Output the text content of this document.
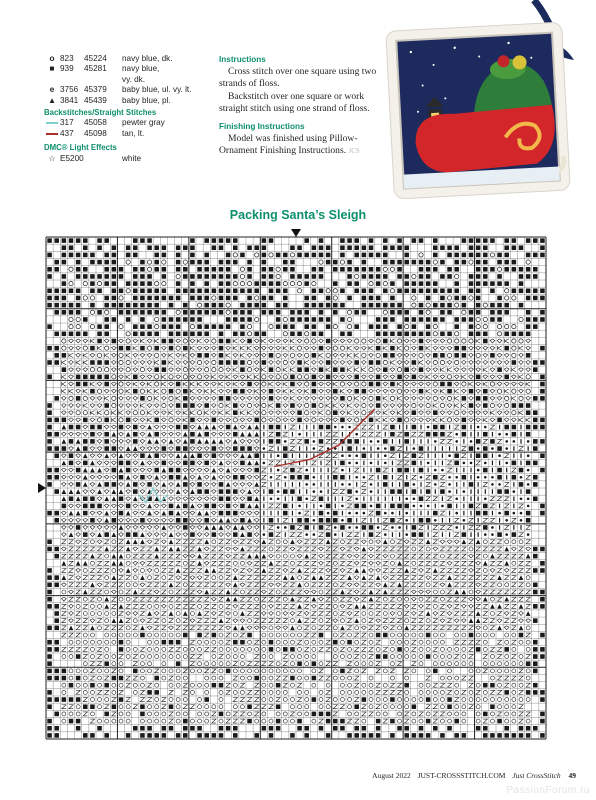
o 823	45224	navy blue, dk.
■ 939	45281	navy blue,
vy. dk.
e 3756 45379	baby blue, ul. vy. lt.
▲ 3841 45439	baby blue, pl.
Backstitches/Straight Stitches
317	45058	pewter gray
437	45098	tan, lt.
DMC® Light Effects
☆ E5200	white
Instructions
Cross stitch over one square using two strands of floss.
Backstitch over one square or work straight stitch using one strand of floss.
Finishing Instructions
Model was finished using Pillow-Ornament Finishing Instructions. JCS
Packing Santa’s Sleigh
August 2022 JUST-CROSSSTITCH.COM Just CrossStitch 49
PassionForum.ru
